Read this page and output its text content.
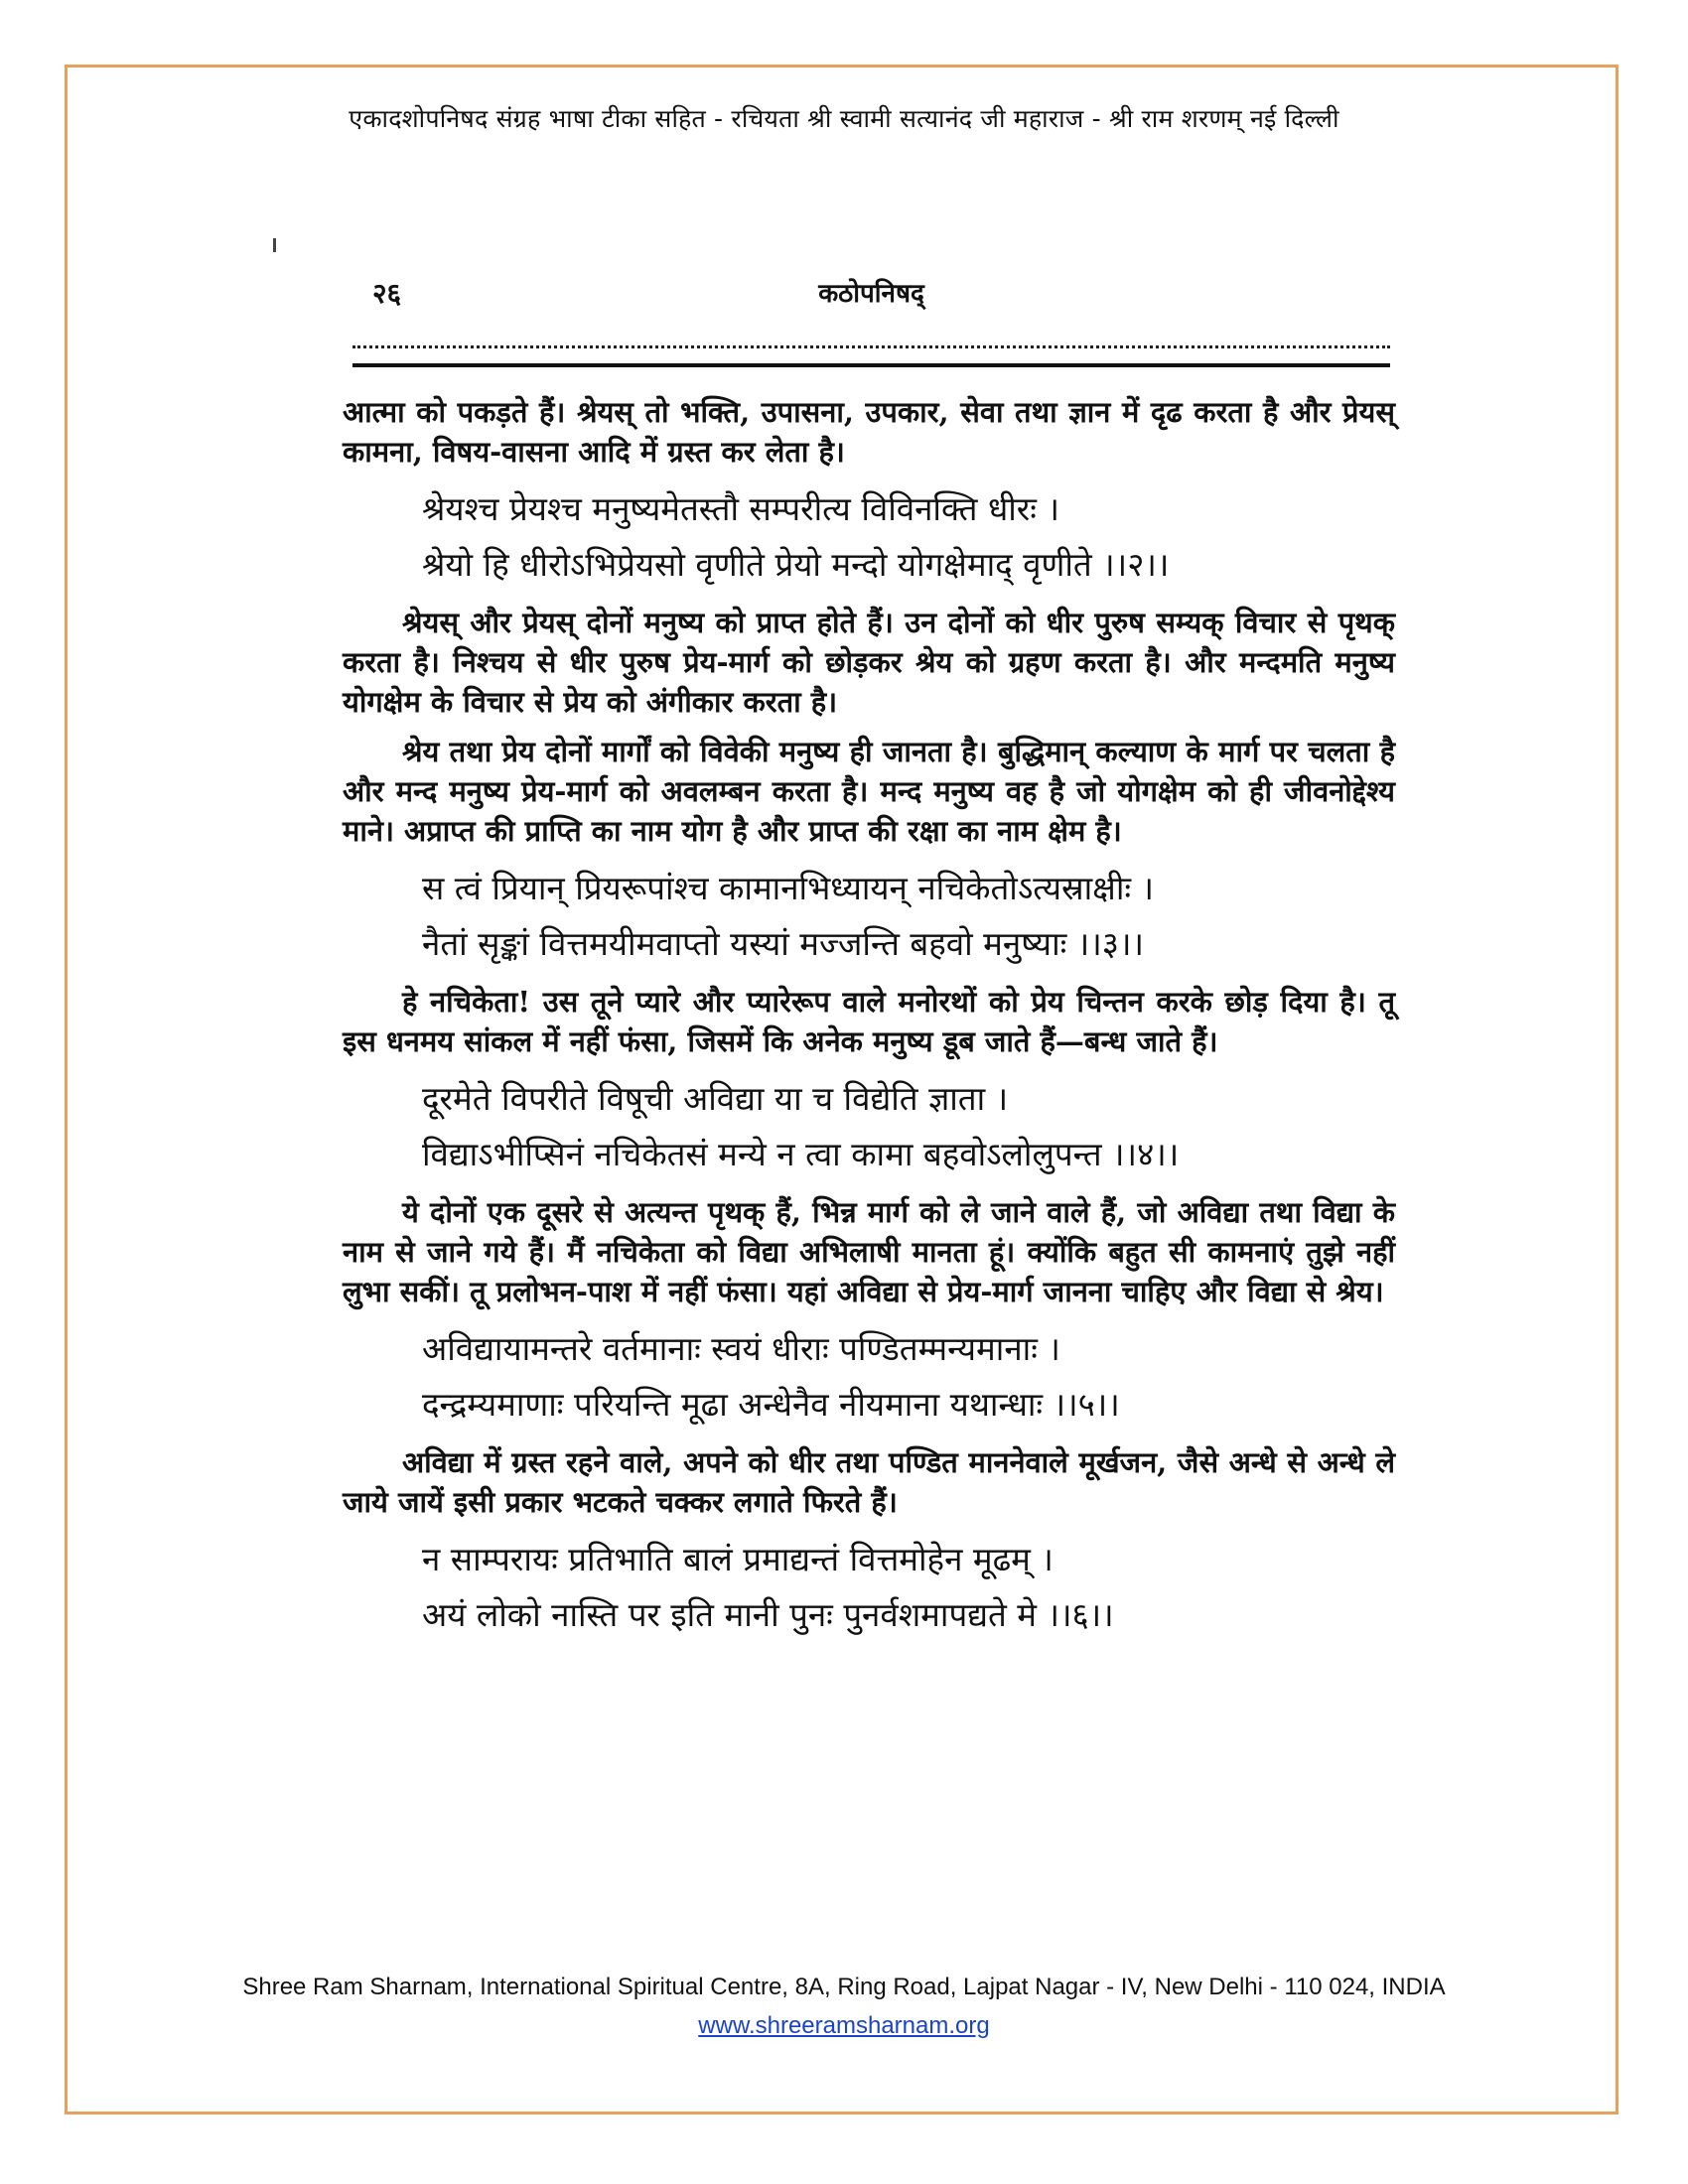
एकादशोपनिषद संग्रह भाषा टीका सहित - रचियता श्री स्वामी सत्यानंद जी महाराज - श्री राम शरणम् नई दिल्ली
२६	कठोपनिषद्

आत्मा को पकड़ते हैं। श्रेयस् तो भक्ति, उपासना, उपकार, सेवा तथा ज्ञान में दृढ करता है और प्रेयस् कामना, विषय-वासना आदि में ग्रस्त कर लेता है।

श्रेयश्च प्रेयश्च मनुष्यमेतस्तौ सम्परीत्य विविनक्ति धीरः ।

श्रेयो हि धीरोऽभिप्रेयसो वृणीते प्रेयो मन्दो योगक्षेमाद् वृणीते ।।२।।

श्रेयस् और प्रेयस् दोनों मनुष्य को प्राप्त होते हैं। उन दोनों को धीर पुरुष सम्यक् विचार से पृथक् करता है। निश्चय से धीर पुरुष प्रेय-मार्ग को छोड़कर श्रेय को ग्रहण करता है। और मन्दमति मनुष्य योगक्षेम के विचार से प्रेय को अंगीकार करता है।

श्रेय तथा प्रेय दोनों मार्गों को विवेकी मनुष्य ही जानता है। बुद्धिमान् कल्याण के मार्ग पर चलता है और मन्द मनुष्य प्रेय-मार्ग को अवलम्बन करता है। मन्द मनुष्य वह है जो योगक्षेम को ही जीवनोद्देश्य माने। अप्राप्त की प्राप्ति का नाम योग है और प्राप्त की रक्षा का नाम क्षेम है।

स त्वं प्रियान् प्रियरूपांश्च कामानभिध्यायन् नचिकेतोऽत्यस्राक्षीः ।

नैतां सृङ्कां वित्तमयीमवाप्तो यस्यां मज्जन्ति बहवो मनुष्याः ।।३।।

हे नचिकेता! उस तूने प्यारे और प्यारेरूप वाले मनोरथों को प्रेय चिन्तन करके छोड़ दिया है। तू इस धनमय सांकल में नहीं फंसा, जिसमें कि अनेक मनुष्य डूब जाते हैं—बन्ध जाते हैं।

दूरमेते विपरीते विषूची अविद्या या च विद्येति ज्ञाता ।

विद्याऽभीप्सिनं नचिकेतसं मन्ये न त्वा कामा बहवोऽलोलुपन्त ।।४।।

ये दोनों एक दूसरे से अत्यन्त पृथक् हैं, भिन्न मार्ग को ले जाने वाले हैं, जो अविद्या तथा विद्या के नाम से जाने गये हैं। मैं नचिकेता को विद्या अभिलाषी मानता हूं। क्योंकि बहुत सी कामनाएं तुझे नहीं लुभा सकीं। तू प्रलोभन-पाश में नहीं फंसा। यहां अविद्या से प्रेय-मार्ग जानना चाहिए और विद्या से श्रेय।

अविद्यायामन्तरे वर्तमानाः स्वयं धीराः पण्डितम्मन्यमानाः ।

दन्द्रम्यमाणाः परियन्ति मूढा अन्धेनैव नीयमाना यथान्धाः ।।५।।

अविद्या में ग्रस्त रहने वाले, अपने को धीर तथा पण्डित माननेवाले मूर्खजन, जैसे अन्धे से अन्धे ले जाये जायें इसी प्रकार भटकते चक्कर लगाते फिरते हैं।

न साम्परायः प्रतिभाति बालं प्रमाद्यन्तं वित्तमोहेन मूढम् ।

अयं लोको नास्ति पर इति मानी पुनः पुनर्वशमापद्यते मे ।।६।।

Shree Ram Sharnam, International Spiritual Centre, 8A, Ring Road, Lajpat Nagar - IV, New Delhi - 110 024, INDIA
www.shreeramsharnam.org
